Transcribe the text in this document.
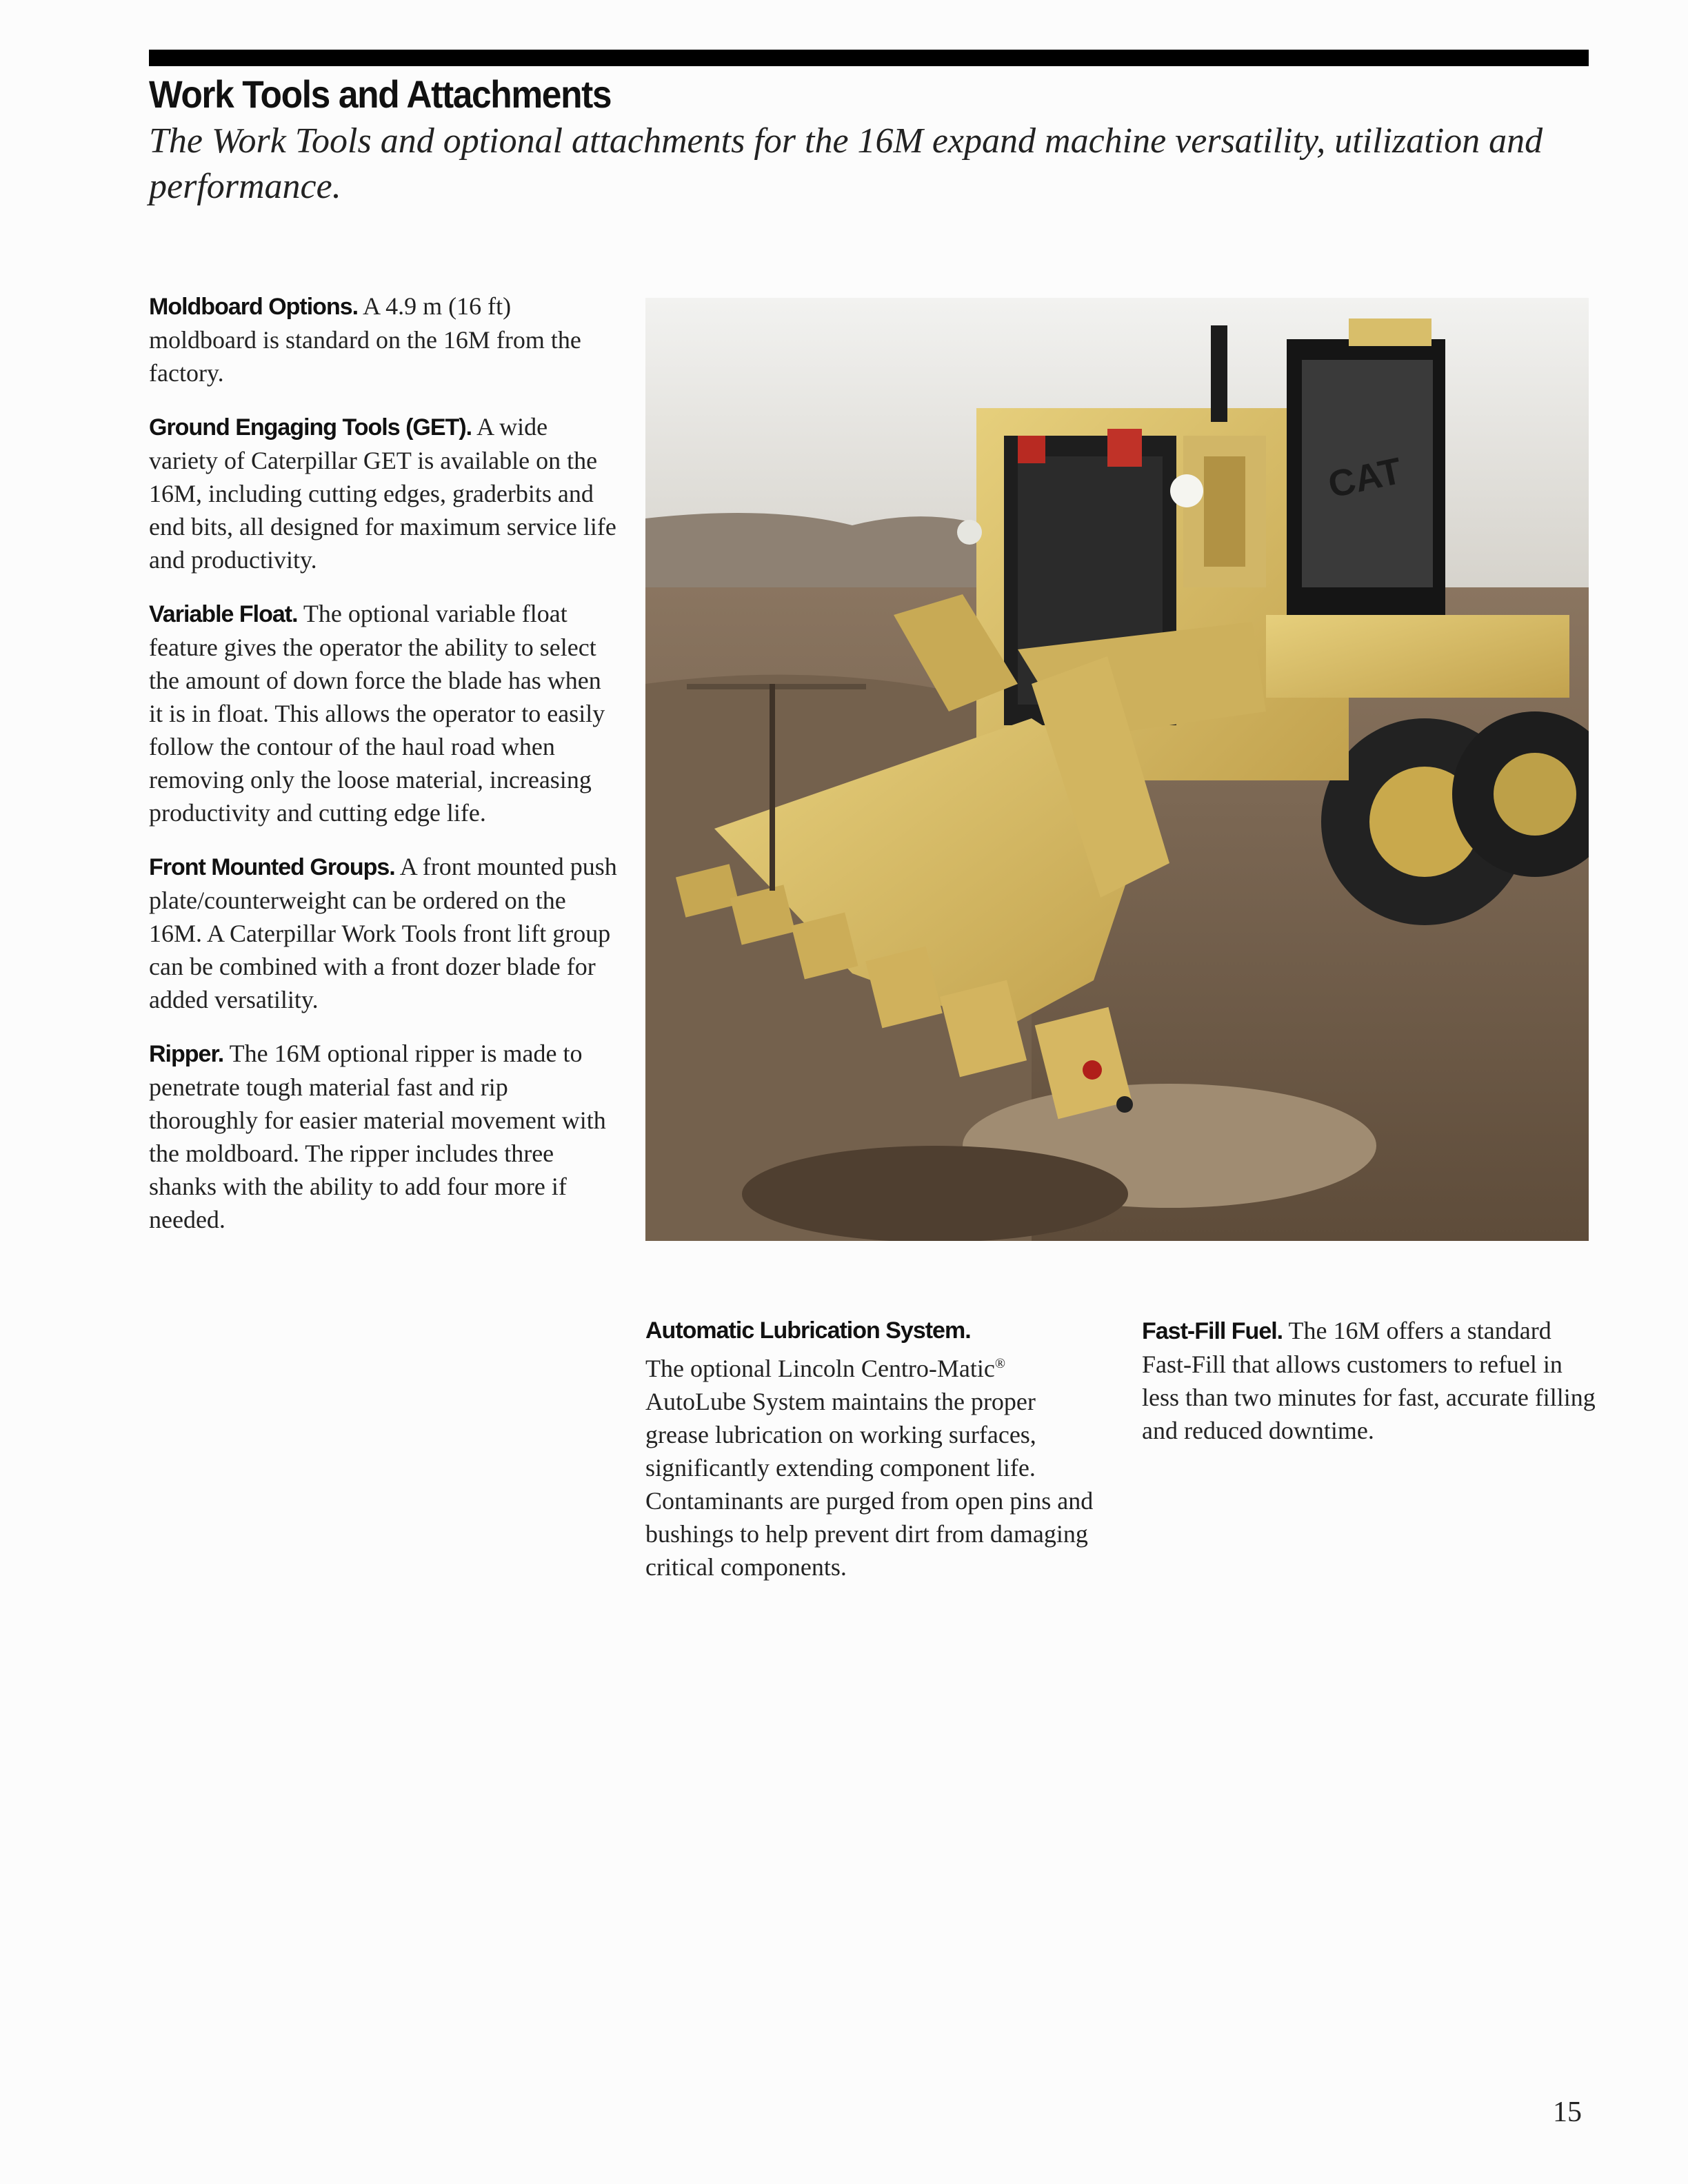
Work Tools and Attachments

The Work Tools and optional attachments for the 16M expand machine versatility, utilization and performance.

Moldboard Options. A 4.9 m (16 ft) moldboard is standard on the 16M from the factory.

Ground Engaging Tools (GET). A wide variety of Caterpillar GET is available on the 16M, including cutting edges, graderbits and end bits, all designed for maximum service life and productivity.

Variable Float. The optional variable float feature gives the operator the ability to select the amount of down force the blade has when it is in float. This allows the operator to easily follow the contour of the haul road when removing only the loose material, increasing productivity and cutting edge life.

Front Mounted Groups. A front mounted push plate/counterweight can be ordered on the 16M. A Caterpillar Work Tools front lift group can be combined with a front dozer blade for added versatility.

Ripper. The 16M optional ripper is made to penetrate tough material fast and rip thoroughly for easier material movement with the moldboard. The ripper includes three shanks with the ability to add four more if needed.

CAT

Automatic Lubrication System.
The optional Lincoln Centro-Matic® AutoLube System maintains the proper grease lubrication on working surfaces, significantly extending component life. Contaminants are purged from open pins and bushings to help prevent dirt from damaging critical components.

Fast-Fill Fuel. The 16M offers a standard Fast-Fill that allows customers to refuel in less than two minutes for fast, accurate filling and reduced downtime.

15
